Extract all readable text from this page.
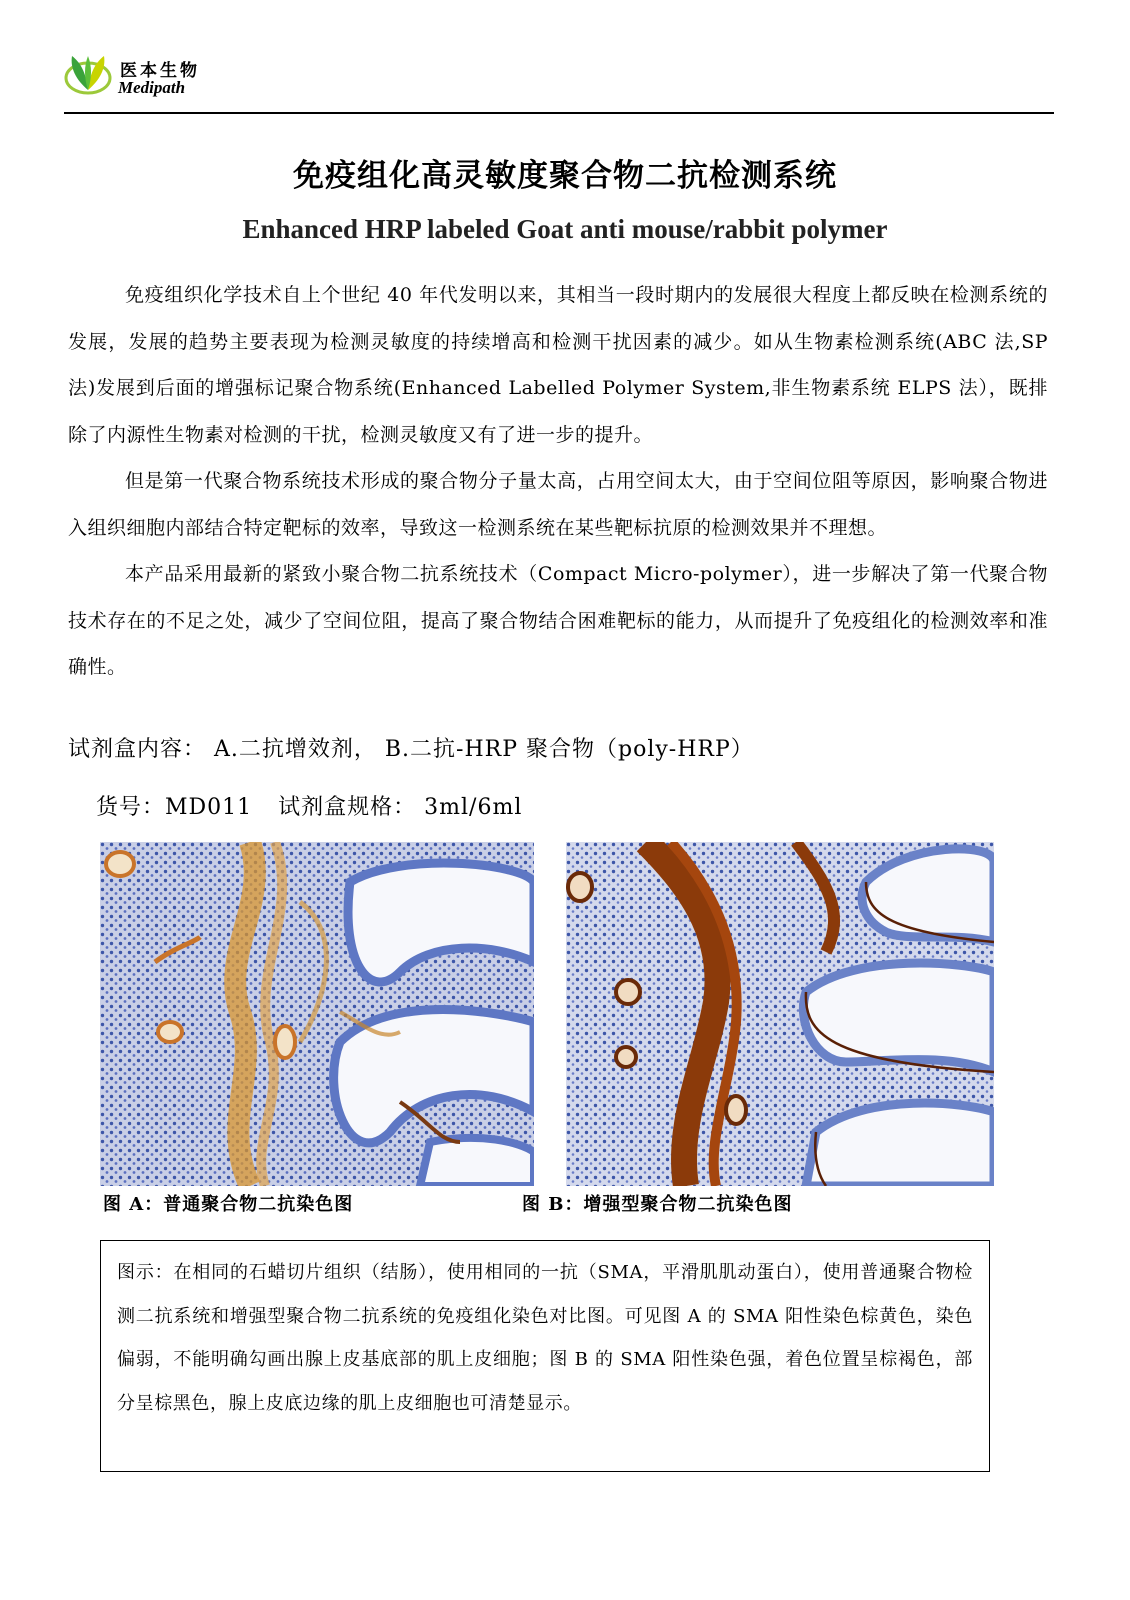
医本生物
Medipath
免疫组化高灵敏度聚合物二抗检测系统
Enhanced HRP labeled Goat anti mouse/rabbit polymer

免疫组织化学技术自上个世纪 40 年代发明以来，其相当一段时期内的发展很大程度上都反映在检测系统的发展，发展的趋势主要表现为检测灵敏度的持续增高和检测干扰因素的减少。如从生物素检测系统(ABC 法,SP 法)发展到后面的增强标记聚合物系统(Enhanced Labelled Polymer System,非生物素系统 ELPS 法），既排除了内源性生物素对检测的干扰，检测灵敏度又有了进一步的提升。

但是第一代聚合物系统技术形成的聚合物分子量太高，占用空间太大，由于空间位阻等原因，影响聚合物进入组织细胞内部结合特定靶标的效率，导致这一检测系统在某些靶标抗原的检测效果并不理想。

本产品采用最新的紧致小聚合物二抗系统技术（Compact Micro-polymer），进一步解决了第一代聚合物技术存在的不足之处，减少了空间位阻，提高了聚合物结合困难靶标的能力，从而提升了免疫组化的检测效率和准确性。

试剂盒内容： A.二抗增效剂， B.二抗-HRP 聚合物（poly-HRP）
货号：MD011 试剂盒规格： 3ml/6ml
图 A：普通聚合物二抗染色图	图 B：增强型聚合物二抗染色图

图示：在相同的石蜡切片组织（结肠），使用相同的一抗（SMA，平滑肌肌动蛋白），使用普通聚合物检测二抗系统和增强型聚合物二抗系统的免疫组化染色对比图。可见图 A 的 SMA 阳性染色棕黄色，染色偏弱，不能明确勾画出腺上皮基底部的肌上皮细胞；图 B 的 SMA 阳性染色强，着色位置呈棕褐色，部分呈棕黑色，腺上皮底边缘的肌上皮细胞也可清楚显示。
